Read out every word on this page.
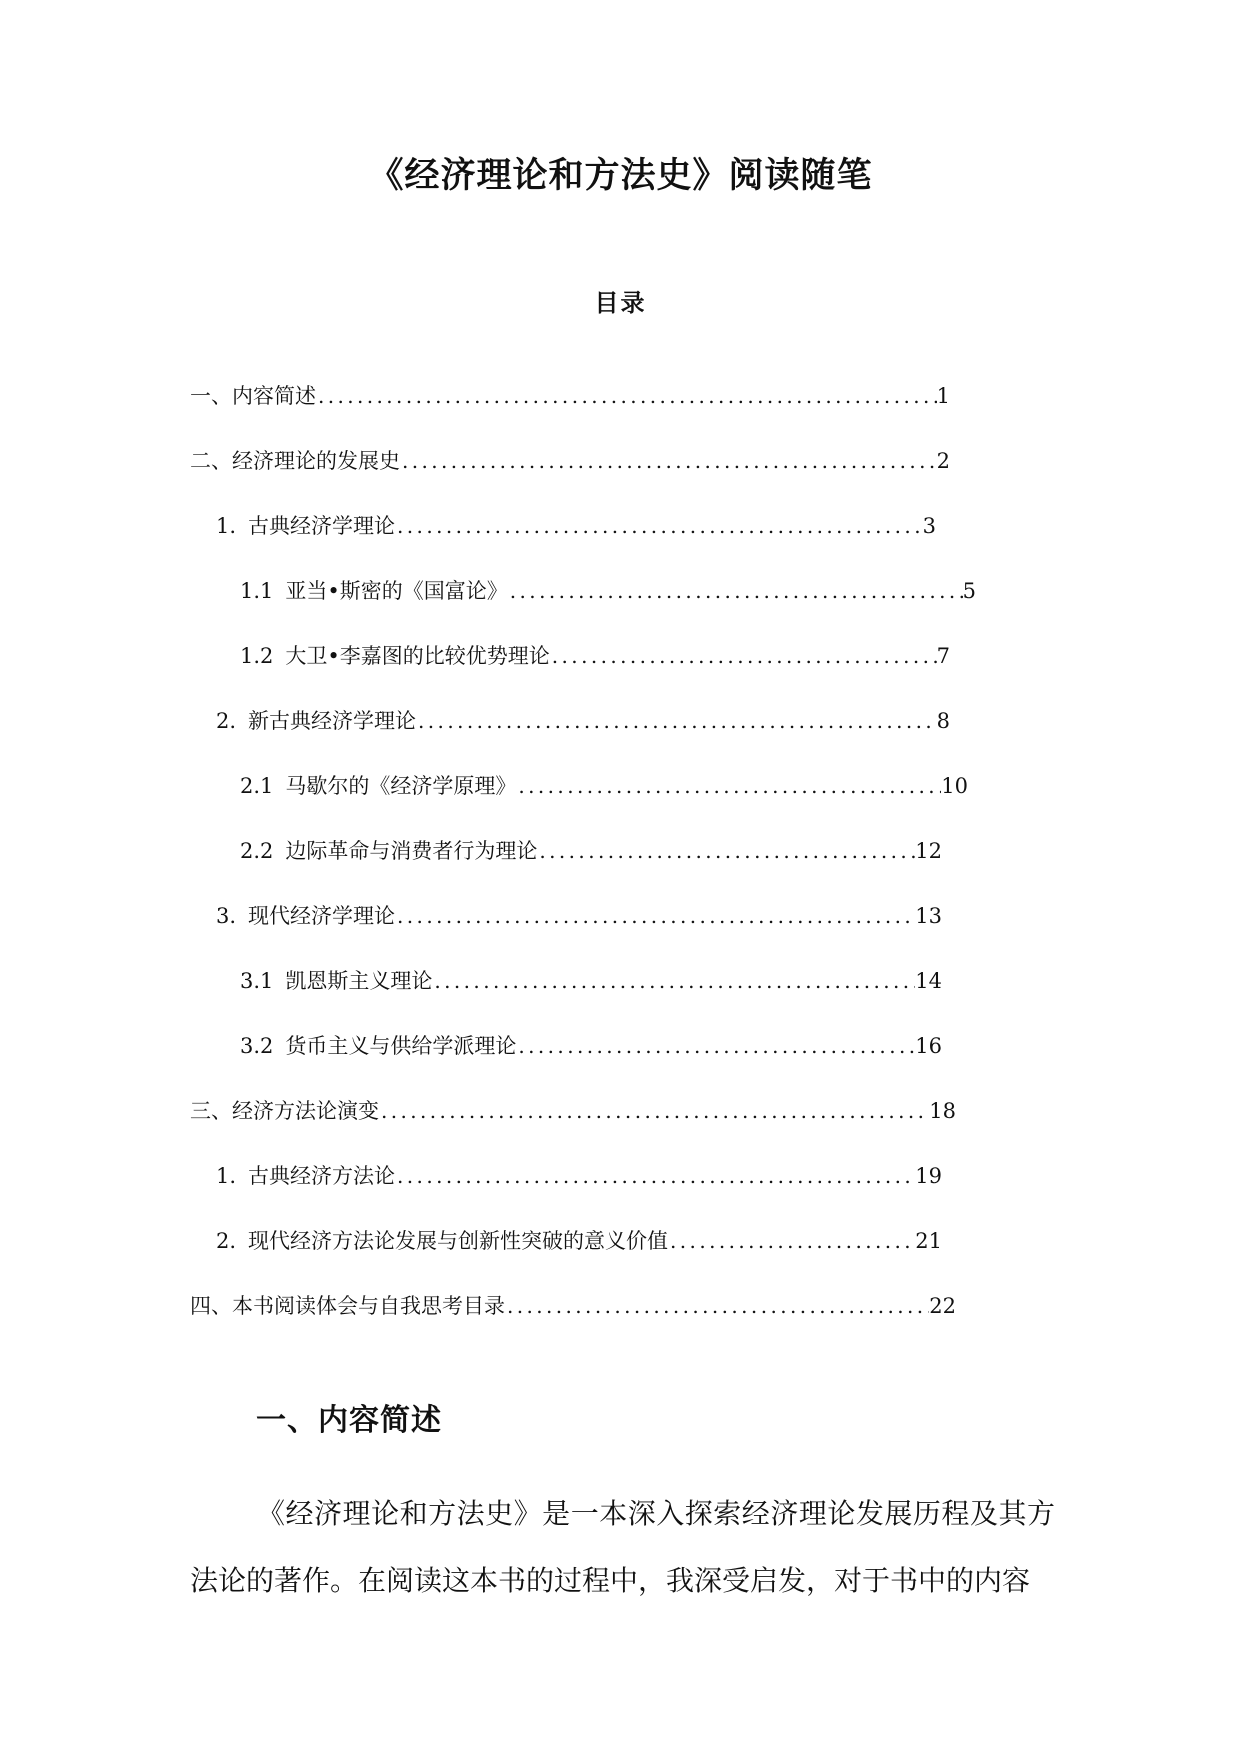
《经济理论和方法史》阅读随笔
目录
一、内容简述 .....	1
二、经济理论的发展史 .....	2
1. 古典经济学理论 .....	3
1.1 亚当•斯密的《国富论》 .....	5
1.2 大卫•李嘉图的比较优势理论 .....	7
2. 新古典经济学理论 .....	8
2.1 马歇尔的《经济学原理》 .....	10
2.2 边际革命与消费者行为理论 .....	12
3. 现代经济学理论 .....	13
3.1 凯恩斯主义理论 .....	14
3.2 货币主义与供给学派理论 .....	16
三、经济方法论演变 .....	18
1. 古典经济方法论 .....	19
2. 现代经济方法论发展与创新性突破的意义价值 .....	21
四、本书阅读体会与自我思考目录 .....	22
一、内容简述

《经济理论和方法史》是一本深入探索经济理论发展历程及其方法论的著作。在阅读这本书的过程中，我深受启发，对于书中的内容
